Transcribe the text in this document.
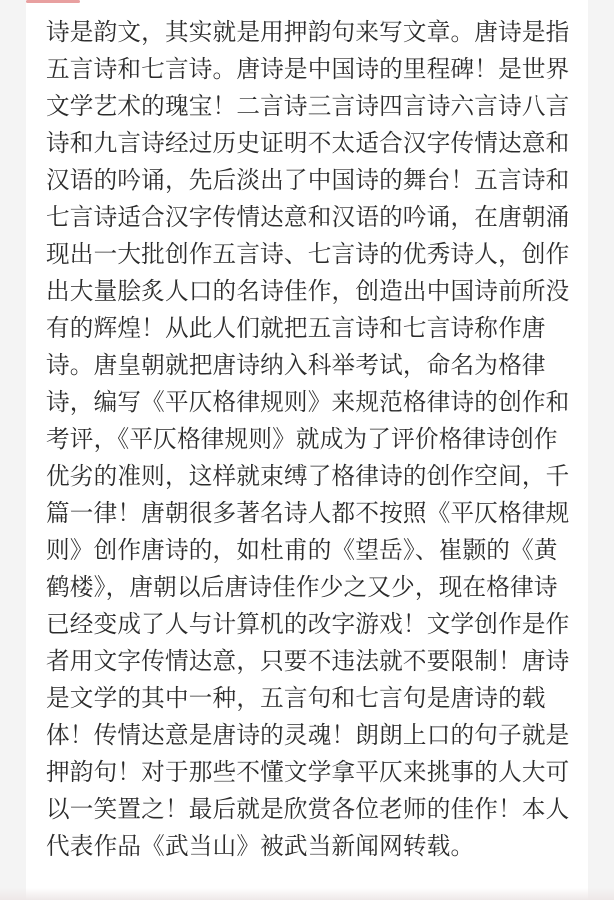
诗是韵文，其实就是用押韵句来写文章。唐诗是指
五言诗和七言诗。唐诗是中国诗的里程碑！是世界
文学艺术的瑰宝！二言诗三言诗四言诗六言诗八言
诗和九言诗经过历史证明不太适合汉字传情达意和
汉语的吟诵，先后淡出了中国诗的舞台！五言诗和
七言诗适合汉字传情达意和汉语的吟诵，在唐朝涌
现出一大批创作五言诗、七言诗的优秀诗人，创作
出大量脍炙人口的名诗佳作，创造出中国诗前所没
有的辉煌！从此人们就把五言诗和七言诗称作唐
诗。唐皇朝就把唐诗纳入科举考试，命名为格律
诗，编写《平仄格律规则》来规范格律诗的创作和
考评，《平仄格律规则》就成为了评价格律诗创作
优劣的准则，这样就束缚了格律诗的创作空间，千
篇一律！唐朝很多著名诗人都不按照《平仄格律规
则》创作唐诗的，如杜甫的《望岳》、崔颢的《黄
鹤楼》，唐朝以后唐诗佳作少之又少，现在格律诗
已经变成了人与计算机的改字游戏！文学创作是作
者用文字传情达意，只要不违法就不要限制！唐诗
是文学的其中一种，五言句和七言句是唐诗的载
体！传情达意是唐诗的灵魂！朗朗上口的句子就是
押韵句！对于那些不懂文学拿平仄来挑事的人大可
以一笑置之！最后就是欣赏各位老师的佳作！本人
代表作品《武当山》被武当新闻网转载。
